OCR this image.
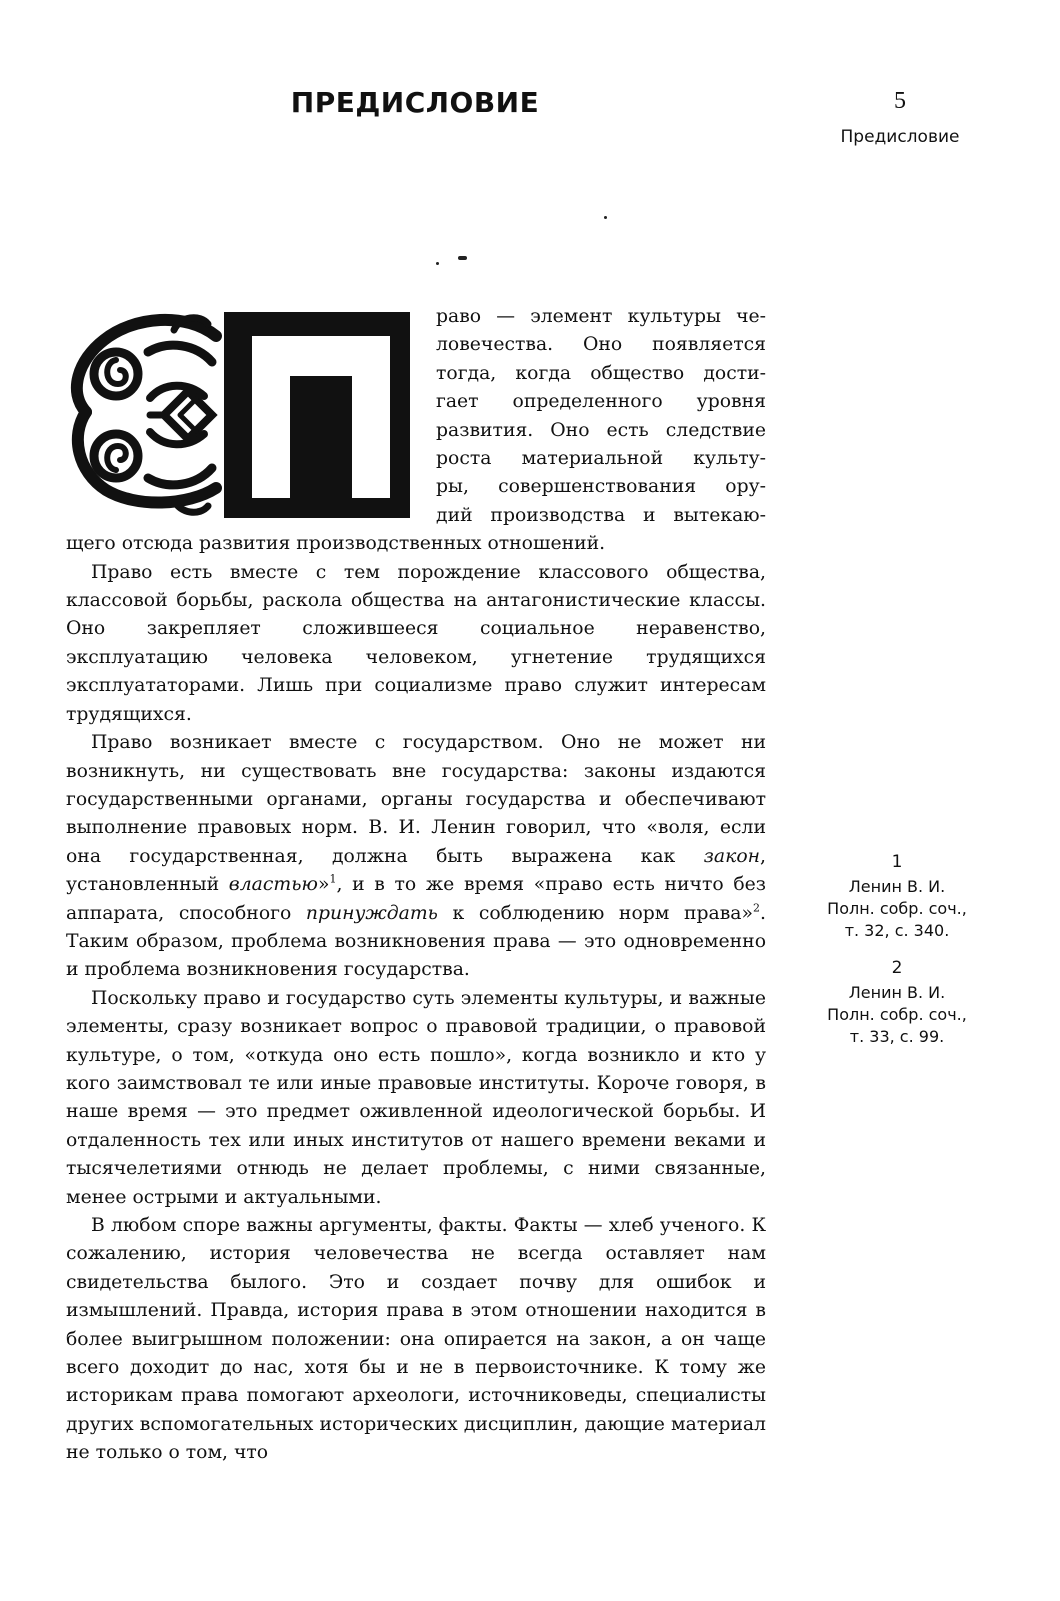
ПРЕДИСЛОВИЕ	5
Предисловие
раво — элемент культуры че-
ловечества. Оно появляется
тогда, когда общество дости-
гает определенного уровня
развития. Оно есть следствие
роста материальной культу-
ры, совершенствования ору-
дий производства и вытекаю-
щего отсюда развития производственных отношений.

Право есть вместе с тем порождение классового общества, классовой борьбы, раскола общества на антагонистические классы. Оно закрепляет сложившееся социальное неравенство, эксплуатацию человека человеком, угнетение трудящихся эксплуататорами. Лишь при социализме право служит интересам трудящихся.

Право возникает вместе с государством. Оно не может ни возникнуть, ни существовать вне государства: законы издаются государственными органами, органы государства и обеспечивают выполнение правовых норм. В. И. Ленин говорил, что «воля, если она государственная, должна быть выражена как закон, установленный властью»$^1$, и в то же время «право есть ничто без аппарата, способного принуждать к соблюдению норм права»$^2$. Таким образом, проблема возникновения права — это одновременно и проблема возникновения государства.

Поскольку право и государство суть элементы культуры, и важные элементы, сразу возникает вопрос о правовой традиции, о правовой культуре, о том, «откуда оно есть пошло», когда возникло и кто у кого заимствовал те или иные правовые институты. Короче говоря, в наше время — это предмет оживленной идеологической борьбы. И отдаленность тех или иных институтов от нашего времени веками и тысячелетиями отнюдь не делает проблемы, с ними связанные, менее острыми и актуальными.

В любом споре важны аргументы, факты. Факты — хлеб ученого. К сожалению, история человечества не всегда оставляет нам свидетельства былого. Это и создает почву для ошибок и измышлений. Правда, история права в этом отношении находится в более выигрышном положении: она опирается на закон, а он чаще всего доходит до нас, хотя бы и не в первоисточнике. К тому же историкам права помогают археологи, источниковеды, специалисты других вспомогательных исторических дисциплин, дающие материал не только о том, что

1
Ленин В. И.
Полн. собр. соч.,
т. 32, с. 340.
2
Ленин В. И.
Полн. собр. соч.,
т. 33, с. 99.
